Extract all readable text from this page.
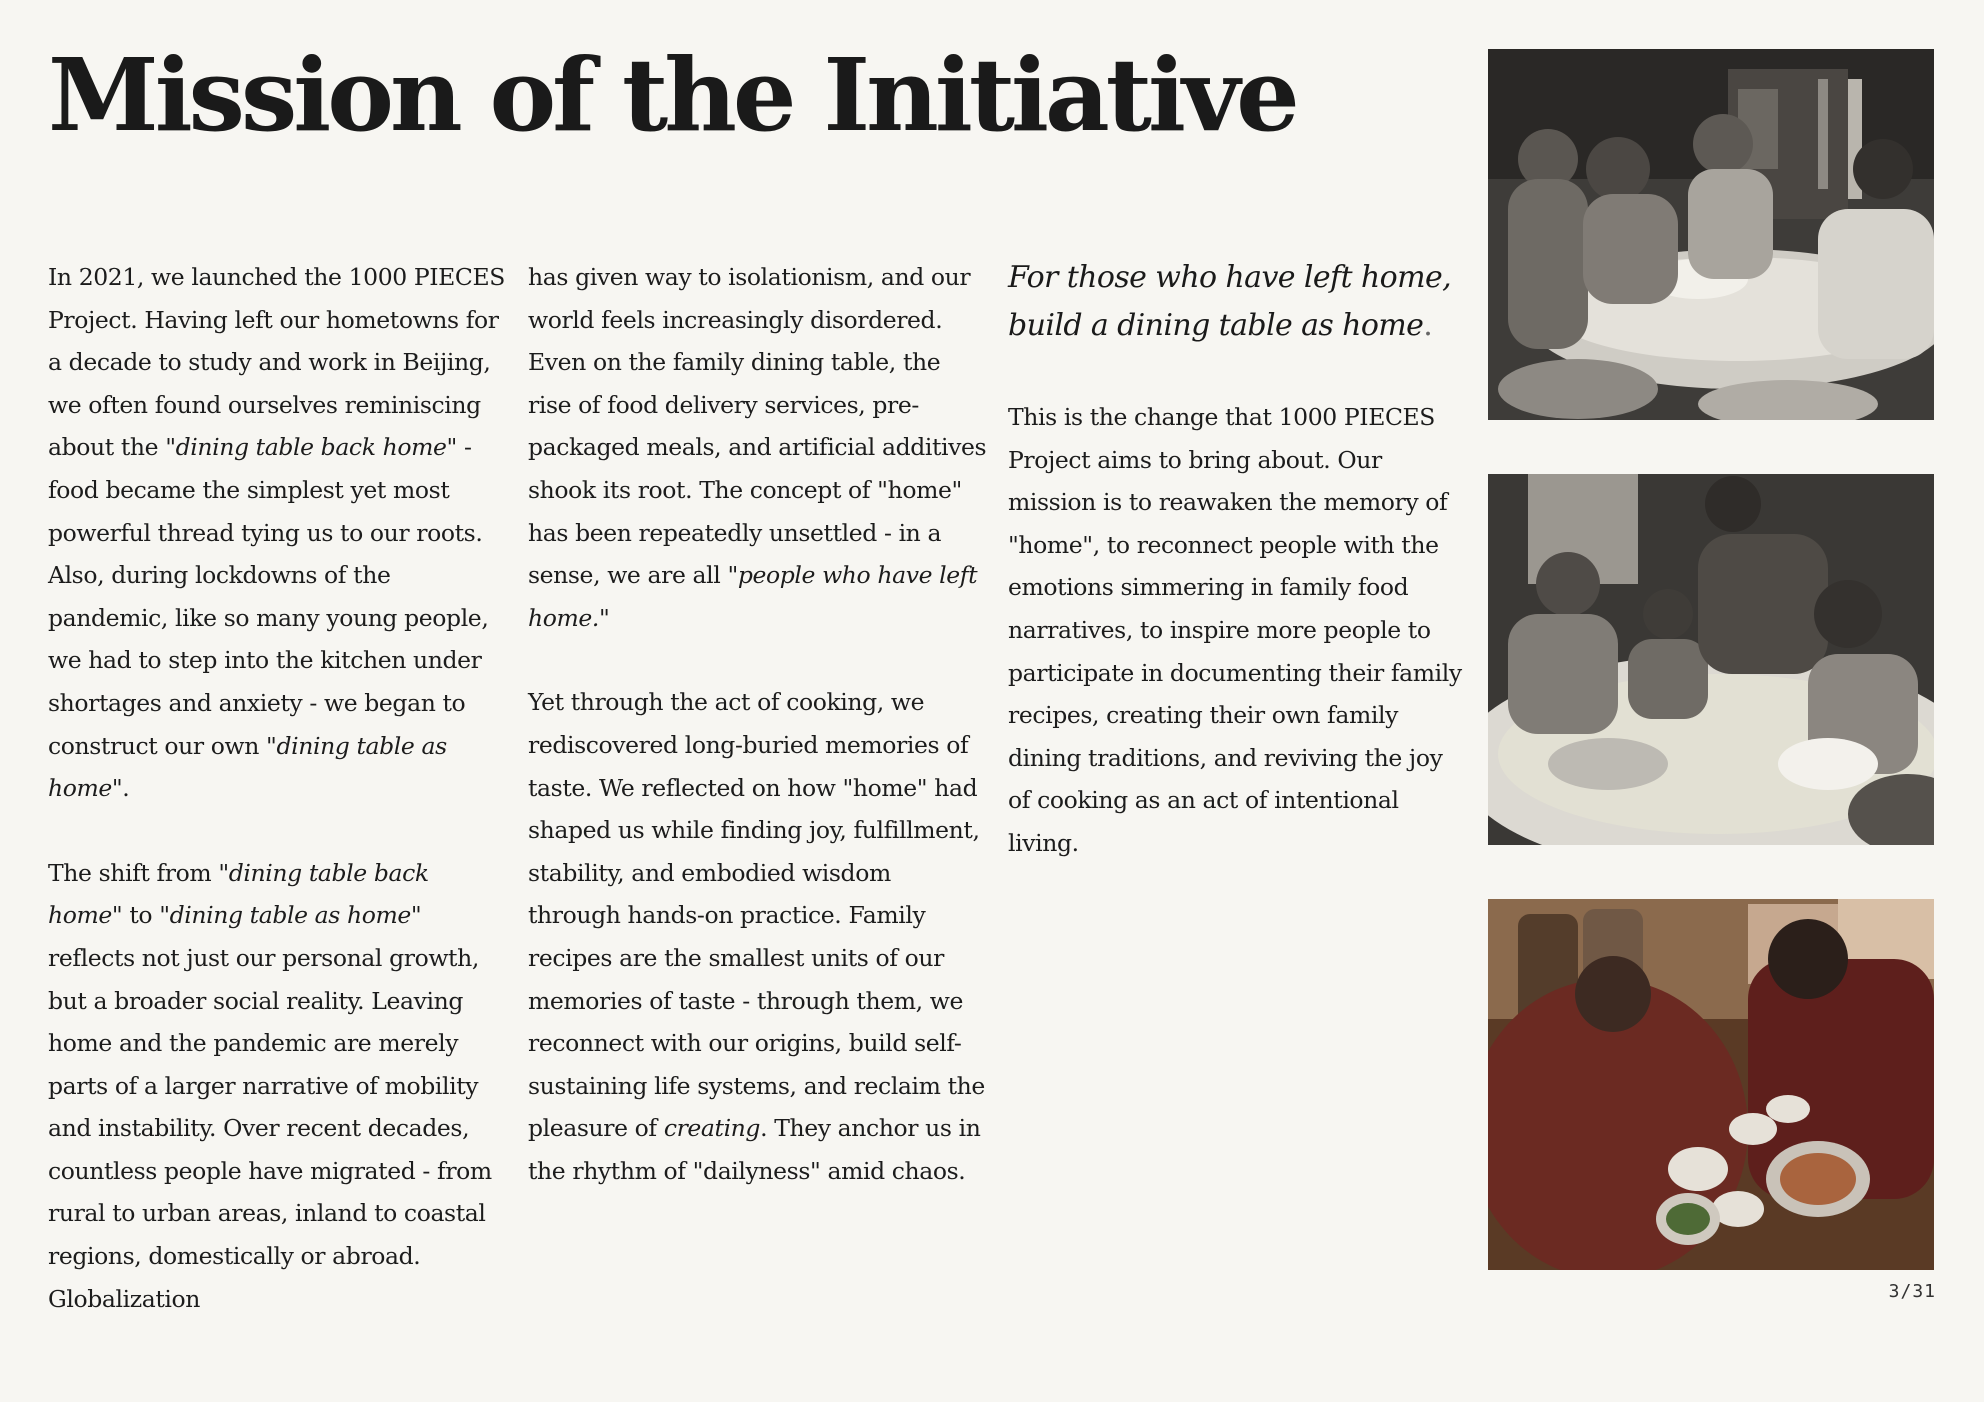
Mission of the Initiative

In 2021, we launched the 1000 PIECES Project. Having left our hometowns for a decade to study and work in Beijing, we often found ourselves reminiscing about the "dining table back home" - food became the simplest yet most powerful thread tying us to our roots. Also, during lockdowns of the pandemic, like so many young people, we had to step into the kitchen under shortages and anxiety - we began to construct our own "dining table as home".

The shift from "dining table back home" to "dining table as home" reflects not just our personal growth, but a broader social reality. Leaving home and the pandemic are merely parts of a larger narrative of mobility and instability. Over recent decades, countless people have migrated - from rural to urban areas, inland to coastal regions, domestically or abroad. Globalization

has given way to isolationism, and our world feels increasingly disordered. Even on the family dining table, the rise of food delivery services, pre-packaged meals, and artificial additives shook its root. The concept of "home" has been repeatedly unsettled - in a sense, we are all "people who have left home."

Yet through the act of cooking, we rediscovered long-buried memories of taste. We reflected on how "home" had shaped us while finding joy, fulfillment, stability, and embodied wisdom through hands-on practice. Family recipes are the smallest units of our memories of taste - through them, we reconnect with our origins, build self-sustaining life systems, and reclaim the pleasure of creating. They anchor us in the rhythm of "dailyness" amid chaos.

For those who have left home, build a dining table as home.

This is the change that 1000 PIECES Project aims to bring about. Our mission is to reawaken the memory of "home", to reconnect people with the emotions simmering in family food narratives, to inspire more people to participate in documenting their family recipes, creating their own family dining traditions, and reviving the joy of cooking as an act of intentional living.

3/31
